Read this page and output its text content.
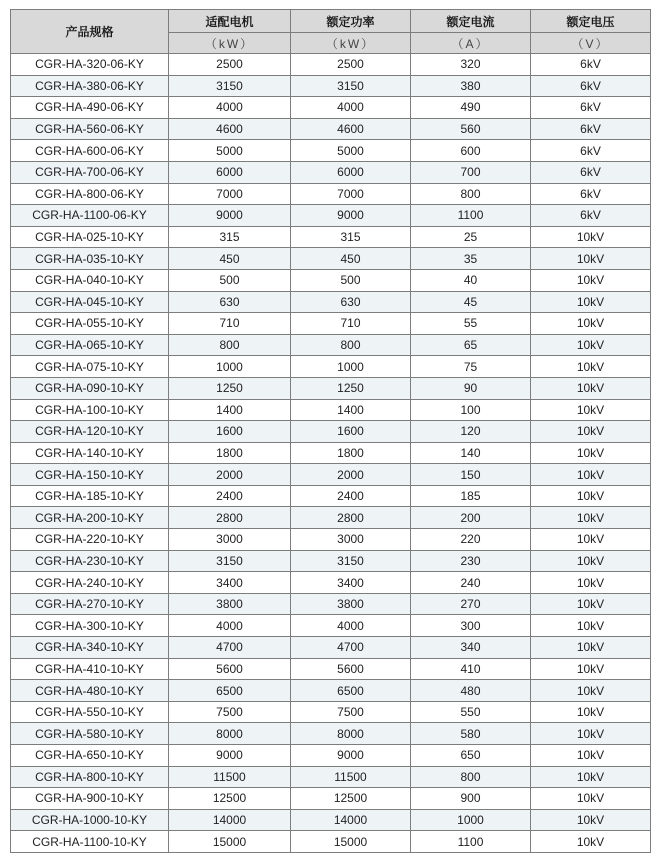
产品规格	适配电机	额定功率	额定电流	额定电压
	（kW）	（kW）	（A）	（V）
CGR-HA-320-06-KY	2500	2500	320	6kV
CGR-HA-380-06-KY	3150	3150	380	6kV
CGR-HA-490-06-KY	4000	4000	490	6kV
CGR-HA-560-06-KY	4600	4600	560	6kV
CGR-HA-600-06-KY	5000	5000	600	6kV
CGR-HA-700-06-KY	6000	6000	700	6kV
CGR-HA-800-06-KY	7000	7000	800	6kV
CGR-HA-1100-06-KY	9000	9000	1100	6kV
CGR-HA-025-10-KY	315	315	25	10kV
CGR-HA-035-10-KY	450	450	35	10kV
CGR-HA-040-10-KY	500	500	40	10kV
CGR-HA-045-10-KY	630	630	45	10kV
CGR-HA-055-10-KY	710	710	55	10kV
CGR-HA-065-10-KY	800	800	65	10kV
CGR-HA-075-10-KY	1000	1000	75	10kV
CGR-HA-090-10-KY	1250	1250	90	10kV
CGR-HA-100-10-KY	1400	1400	100	10kV
CGR-HA-120-10-KY	1600	1600	120	10kV
CGR-HA-140-10-KY	1800	1800	140	10kV
CGR-HA-150-10-KY	2000	2000	150	10kV
CGR-HA-185-10-KY	2400	2400	185	10kV
CGR-HA-200-10-KY	2800	2800	200	10kV
CGR-HA-220-10-KY	3000	3000	220	10kV
CGR-HA-230-10-KY	3150	3150	230	10kV
CGR-HA-240-10-KY	3400	3400	240	10kV
CGR-HA-270-10-KY	3800	3800	270	10kV
CGR-HA-300-10-KY	4000	4000	300	10kV
CGR-HA-340-10-KY	4700	4700	340	10kV
CGR-HA-410-10-KY	5600	5600	410	10kV
CGR-HA-480-10-KY	6500	6500	480	10kV
CGR-HA-550-10-KY	7500	7500	550	10kV
CGR-HA-580-10-KY	8000	8000	580	10kV
CGR-HA-650-10-KY	9000	9000	650	10kV
CGR-HA-800-10-KY	11500	11500	800	10kV
CGR-HA-900-10-KY	12500	12500	900	10kV
CGR-HA-1000-10-KY	14000	14000	1000	10kV
CGR-HA-1100-10-KY	15000	15000	1100	10kV
